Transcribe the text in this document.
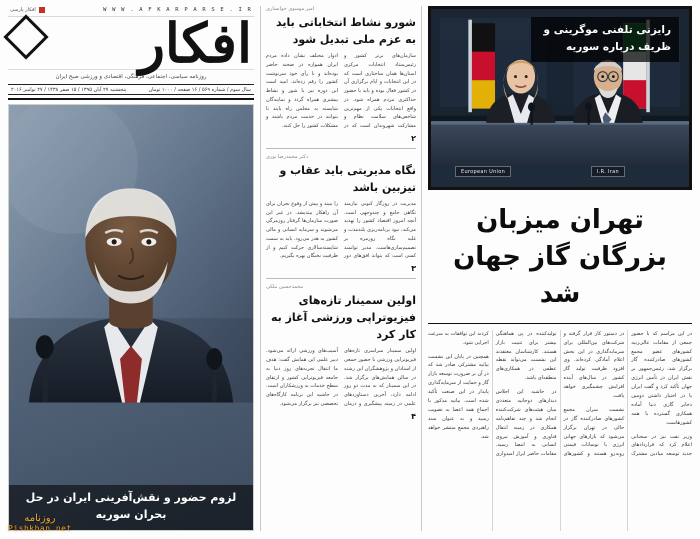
W W W . A F K A R P A R S E . I R
افکار پارسی
افکار
روزنامه سیاسی، اجتماعی، فرهنگی، اقتصادی و ورزشی صبح ایران
سال سوم / شماره ۵۶۹ / ۱۶ صفحه / ۱۰۰۰ تومان
پنجشنبه ۲۷ آبان ۱۳۹۵ / ۱۵ صفر ۱۴۳۸ / ۲۷ نوامبر ۲۰۱۶
لزوم حضور و نقش‌آفرینی ایران در حل بحران سوریه
امیر موسوی خوانساری
شورو نشاط انتخاباتی باید به عزم ملی تبدیل شود
سازمان‌های برتر کشور و رئیس‌ستاد انتخابات مرکزی استان‌ها همان ساختاری است که در این انتخابات و ایام برگزاری آن در کشور فعال بوده و باید با حضور حداکثری مردم همراه شود. در واقع انتخابات یکی از مهم‌ترین شاخص‌های سلامت نظام و مشارکت شهروندان است که در ادوار مختلف نشان داده مردم ایران همواره در صحنه حاضر بوده‌اند و با رأی خود سرنوشت کشور را رقم زده‌اند. امید است این دوره نیز با شور و نشاط بیشتری همراه گردد و نمایندگان شایسته به مجلس راه یابند تا بتوانند در خدمت مردم باشند و مشکلات کشور را حل کنند.
۲
دکتر محمدرضا نوری
نگاه مدیریتی باید عقاب و تیزبین باشد
مدیریت در روزگار کنونی نیازمند نگاهی جامع و چندوجهی است. آنچه امروز اقتصاد کشور را تهدید می‌کند، نبود برنامه‌ریزی بلندمدت و غلبه نگاه روزمره بر تصمیم‌سازی‌هاست. مدیر توانمند کسی است که بتواند افق‌های دور را ببیند و پیش از وقوع بحران برای آن راهکار بیندیشد. در غیر این صورت سازمان‌ها گرفتار روزمرگی می‌شوند و سرمایه انسانی و مالی کشور به هدر می‌رود. باید به سمت شایسته‌سالاری حرکت کنیم و از ظرفیت نخبگان بهره بگیریم.
۳
محمدحسین ملکی
اولین سمینار تازه‌های فیزیوتراپی ورزشی آغاز به کار کرد
اولین سمینار سراسری تازه‌های فیزیوتراپی ورزشی با حضور جمعی از استادان و پژوهشگران این رشته در سالن همایش‌های برگزار شد. در این سمینار که به مدت دو روز ادامه دارد، آخرین دستاوردهای علمی در زمینه پیشگیری و درمان آسیب‌های ورزشی ارائه می‌شود. دبیر علمی این همایش گفت: هدف ما انتقال تجربه‌های روز دنیا به جامعه فیزیوتراپی کشور و ارتقای سطح خدمات به ورزشکاران است. در حاشیه این برنامه کارگاه‌های تخصصی نیز برگزار می‌شود.
۴
رایزنی تلفنی موگرینی و ظریف درباره سوریه
European Union	I.R. Iran
تهران میزبان بزرگان گاز جهان شد

در این مراسم که با حضور جمعی از مقامات عالی‌رتبه کشورهای عضو مجمع کشورهای صادرکننده گاز برگزار شد، رئیس‌جمهور بر نقش ایران در تأمین انرژی جهان تأکید کرد و گفت ایران با در اختیار داشتن دومین ذخایر گازی دنیا آماده همکاری گسترده با همه کشورهاست.

وزیر نفت نیز در سخنانی اعلام کرد که قراردادهای جدید توسعه میادین مشترک در دستور کار قرار گرفته و شرکت‌های بین‌المللی برای سرمایه‌گذاری در این بخش اعلام آمادگی کرده‌اند. وی افزود ظرفیت تولید گاز کشور در سال‌های آینده افزایش چشمگیری خواهد یافت.

نشست سران مجمع کشورهای صادرکننده گاز در حالی در تهران برگزار می‌شود که بازارهای جهانی انرژی با نوسانات قیمتی روبه‌رو هستند و کشورهای تولیدکننده در پی هماهنگی بیشتر برای تثبیت بازار هستند. کارشناسان معتقدند این نشست می‌تواند نقطه عطفی در همکاری‌های منطقه‌ای باشد.

در حاشیه این اجلاس دیدارهای دوجانبه متعددی میان هیئت‌های شرکت‌کننده انجام شد و چند تفاهم‌نامه همکاری در زمینه انتقال فناوری و آموزش نیروی انسانی به امضا رسید. مقامات حاضر ابراز امیدواری کردند این توافقات به سرعت اجرایی شود.

همچنین در پایان این نشست بیانیه مشترکی صادر شد که در آن بر ضرورت توسعه بازار گاز و حمایت از سرمایه‌گذاری پایدار در این صنعت تأکید شده است. بیانیه مذکور با اجماع همه اعضا به تصویب رسید و به عنوان سند راهبردی مجمع منتشر خواهد شد.

روزنامه
Pishkhan.net
